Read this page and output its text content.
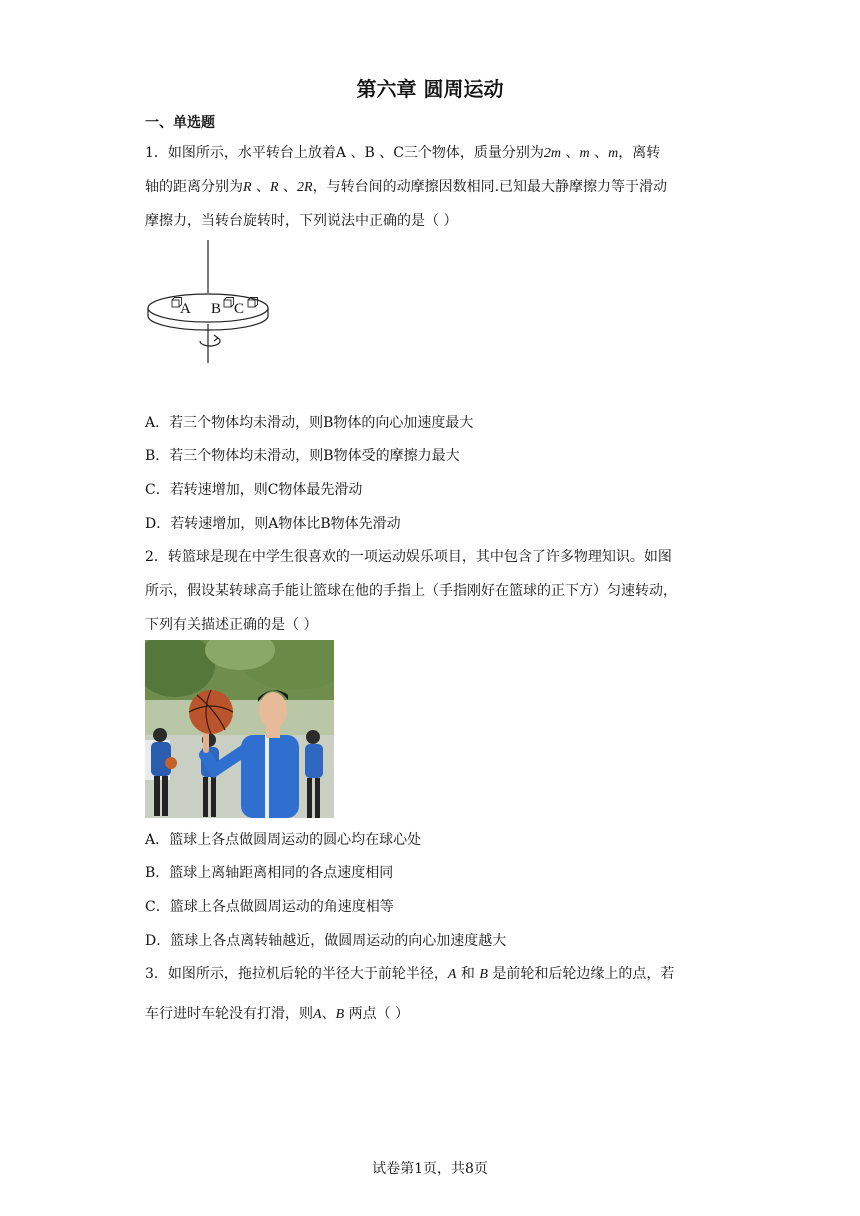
第六章 圆周运动
一、单选题
1．如图所示，水平转台上放着A 、B 、C三个物体，质量分别为2m 、m 、m，离转
轴的距离分别为R 、R 、2R，与转台间的动摩擦因数相同.已知最大静摩擦力等于滑动
摩擦力，当转台旋转时，下列说法中正确的是（ ）
A B C
A．若三个物体均未滑动，则B物体的向心加速度最大
B．若三个物体均未滑动，则B物体受的摩擦力最大
C．若转速增加，则C物体最先滑动
D．若转速增加，则A物体比B物体先滑动
2．转篮球是现在中学生很喜欢的一项运动娱乐项目，其中包含了许多物理知识。如图
所示，假设某转球高手能让篮球在他的手指上（手指刚好在篮球的正下方）匀速转动，
下列有关描述正确的是（ ）
A．篮球上各点做圆周运动的圆心均在球心处
B．篮球上离轴距离相同的各点速度相同
C．篮球上各点做圆周运动的角速度相等
D．篮球上各点离转轴越近，做圆周运动的向心加速度越大
3．如图所示，拖拉机后轮的半径大于前轮半径，A 和 B 是前轮和后轮边缘上的点，若
车行进时车轮没有打滑，则A、B 两点（ ）
试卷第1页，共8页
